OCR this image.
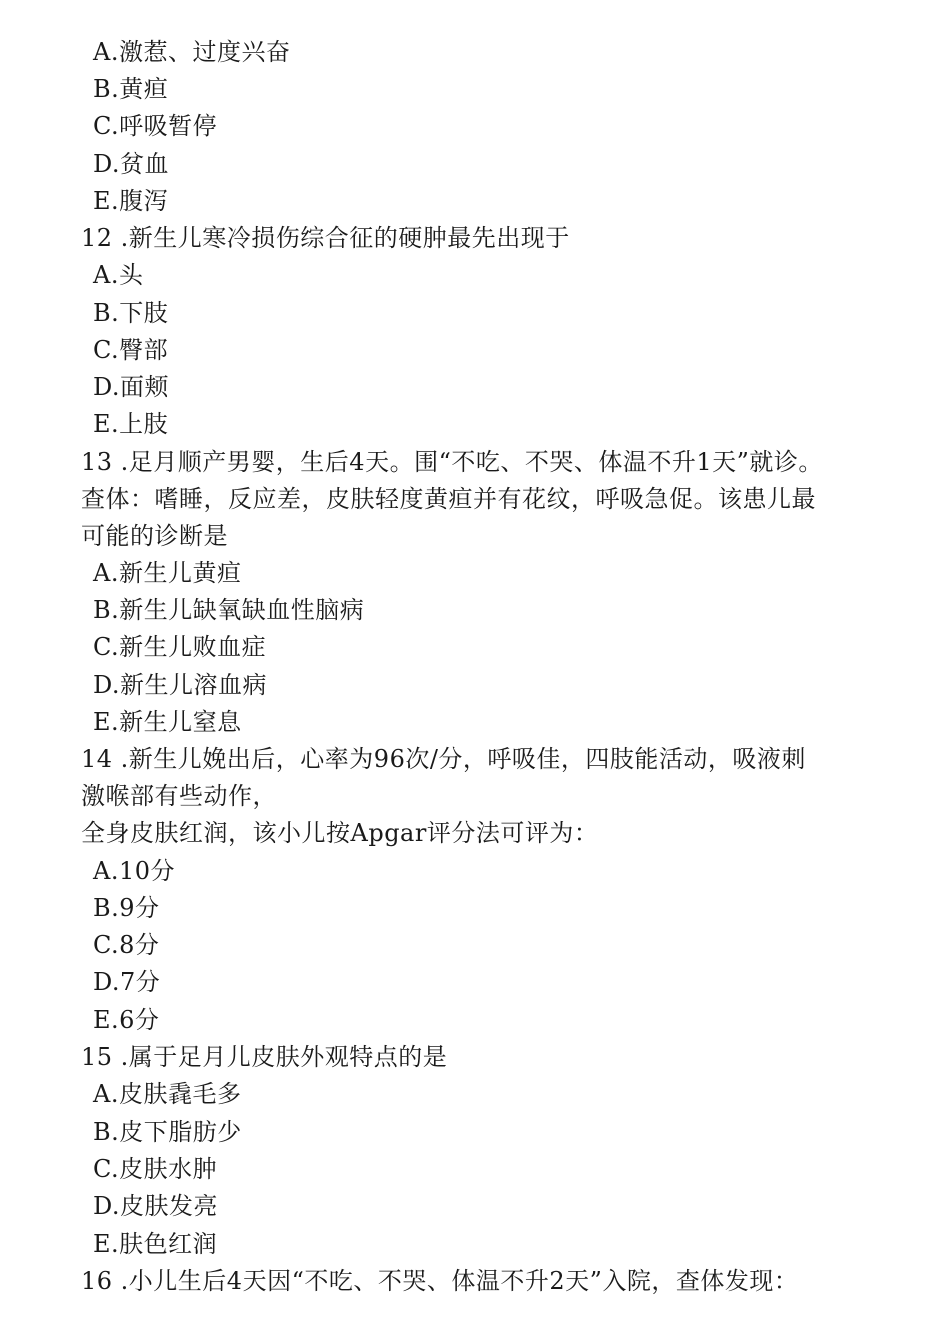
A.激惹、过度兴奋
B.黄疸
C.呼吸暂停
D.贫血
E.腹泻
12 .新生儿寒冷损伤综合征的硬肿最先出现于
A.头
B.下肢
C.臀部
D.面颊
E.上肢
13 .足月顺产男婴，生后4天。围“不吃、不哭、体温不升1天”就诊。
查体：嗜睡，反应差，皮肤轻度黄疸并有花纹，呼吸急促。该患儿最
可能的诊断是
A.新生儿黄疸
B.新生儿缺氧缺血性脑病
C.新生儿败血症
D.新生儿溶血病
E.新生儿窒息
14 .新生儿娩出后，心率为96次/分，呼吸佳，四肢能活动，吸液刺
激喉部有些动作，
全身皮肤红润，该小儿按Apgar评分法可评为：
A.10分
B.9分
C.8分
D.7分
E.6分
15 .属于足月儿皮肤外观特点的是
A.皮肤毳毛多
B.皮下脂肪少
C.皮肤水肿
D.皮肤发亮
E.肤色红润
16 .小儿生后4天因“不吃、不哭、体温不升2天”入院，查体发现：
